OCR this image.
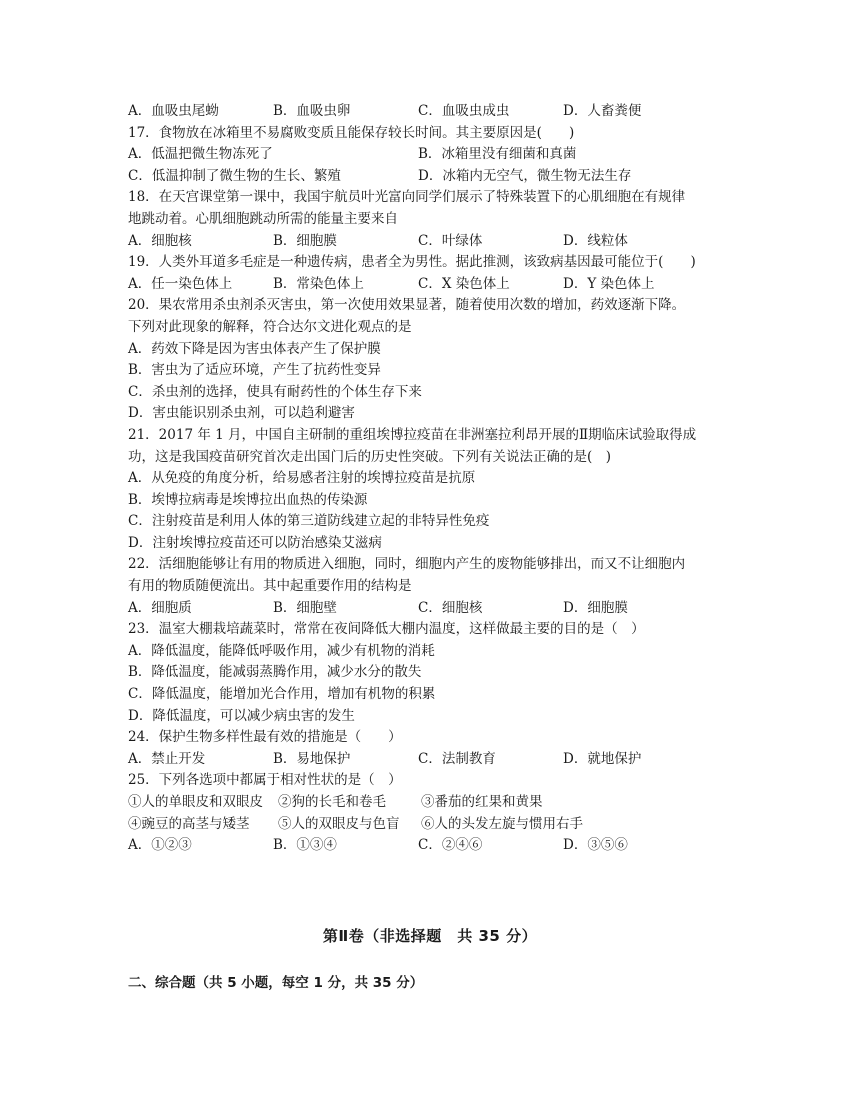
A．血吸虫尾蚴	B．血吸虫卵	C．血吸虫成虫	D．人畜粪便
17．食物放在冰箱里不易腐败变质且能保存较长时间。其主要原因是(　　)
A．低温把微生物冻死了	B．冰箱里没有细菌和真菌
C．低温抑制了微生物的生长、繁殖	D．冰箱内无空气，微生物无法生存
18．在天宫课堂第一课中，我国宇航员叶光富向同学们展示了特殊装置下的心肌细胞在有规律
地跳动着。心肌细胞跳动所需的能量主要来自
A．细胞核	B．细胞膜	C．叶绿体	D．线粒体
19．人类外耳道多毛症是一种遗传病，患者全为男性。据此推测，该致病基因最可能位于(　　)
A．任一染色体上	B．常染色体上	C．X 染色体上	D．Y 染色体上
20．果农常用杀虫剂杀灭害虫，第一次使用效果显著，随着使用次数的增加，药效逐渐下降。
下列对此现象的解释，符合达尔文进化观点的是
A．药效下降是因为害虫体表产生了保护膜
B．害虫为了适应环境，产生了抗药性变异
C．杀虫剂的选择，使具有耐药性的个体生存下来
D．害虫能识别杀虫剂，可以趋利避害
21．2017 年 1 月，中国自主研制的重组埃博拉疫苗在非洲塞拉利昂开展的Ⅱ期临床试验取得成
功，这是我国疫苗研究首次走出国门后的历史性突破。下列有关说法正确的是(　)
A．从免疫的角度分析，给易感者注射的埃博拉疫苗是抗原
B．埃博拉病毒是埃博拉出血热的传染源
C．注射疫苗是利用人体的第三道防线建立起的非特异性免疫
D．注射埃博拉疫苗还可以防治感染艾滋病
22．活细胞能够让有用的物质进入细胞，同时，细胞内产生的废物能够排出，而又不让细胞内
有用的物质随便流出。其中起重要作用的结构是
A．细胞质	B．细胞壁	C．细胞核	D．细胞膜
23．温室大棚栽培蔬菜时，常常在夜间降低大棚内温度，这样做最主要的目的是（　）
A．降低温度，能降低呼吸作用，减少有机物的消耗
B．降低温度，能减弱蒸腾作用，减少水分的散失
C．降低温度，能增加光合作用，增加有机物的积累
D．降低温度，可以减少病虫害的发生
24．保护生物多样性最有效的措施是（　　）
A．禁止开发	B．易地保护	C．法制教育	D．就地保护
25．下列各选项中都属于相对性状的是（　）
①人的单眼皮和双眼皮	②狗的长毛和卷毛	③番茄的红果和黄果
④豌豆的高茎与矮茎	⑤人的双眼皮与色盲	⑥人的头发左旋与惯用右手
A．①②③	B．①③④	C．②④⑥	D．③⑤⑥
第Ⅱ卷（非选择题　共 35 分）
二、综合题（共 5 小题，每空 1 分，共 35 分）
